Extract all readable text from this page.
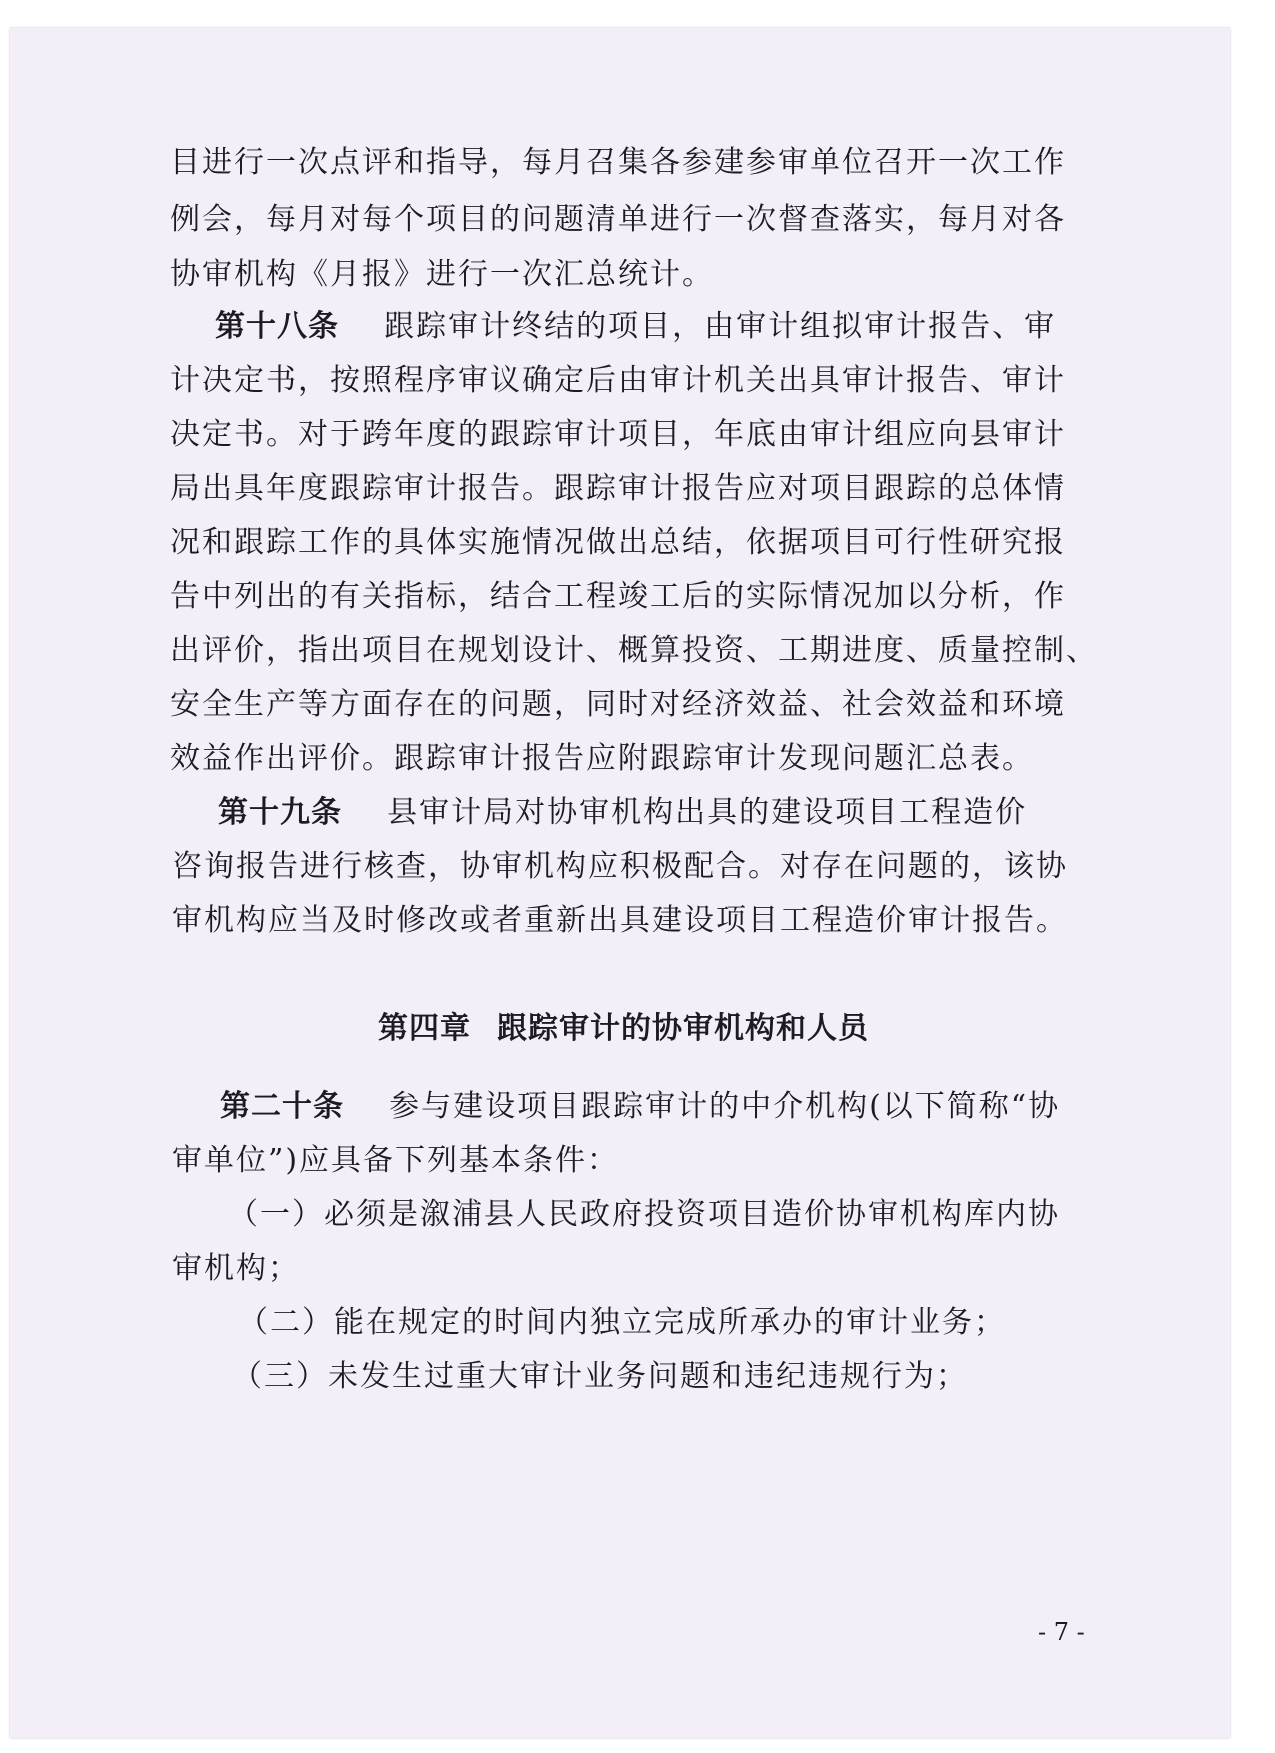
目进行一次点评和指导，每月召集各参建参审单位召开一次工作
例会，每月对每个项目的问题清单进行一次督查落实，每月对各
协审机构《月报》进行一次汇总统计。
第十八条 跟踪审计终结的项目，由审计组拟审计报告、审
计决定书，按照程序审议确定后由审计机关出具审计报告、审计
决定书。对于跨年度的跟踪审计项目，年底由审计组应向县审计
局出具年度跟踪审计报告。跟踪审计报告应对项目跟踪的总体情
况和跟踪工作的具体实施情况做出总结，依据项目可行性研究报
告中列出的有关指标，结合工程竣工后的实际情况加以分析，作
出评价，指出项目在规划设计、概算投资、工期进度、质量控制、
安全生产等方面存在的问题，同时对经济效益、社会效益和环境
效益作出评价。跟踪审计报告应附跟踪审计发现问题汇总表。
第十九条 县审计局对协审机构出具的建设项目工程造价
咨询报告进行核查，协审机构应积极配合。对存在问题的，该协
审机构应当及时修改或者重新出具建设项目工程造价审计报告。
第四章 跟踪审计的协审机构和人员
第二十条 参与建设项目跟踪审计的中介机构(以下简称“协
审单位”)应具备下列基本条件：
（一）必须是溆浦县人民政府投资项目造价协审机构库内协
审机构；
（二）能在规定的时间内独立完成所承办的审计业务；
（三）未发生过重大审计业务问题和违纪违规行为；
- 7 -
